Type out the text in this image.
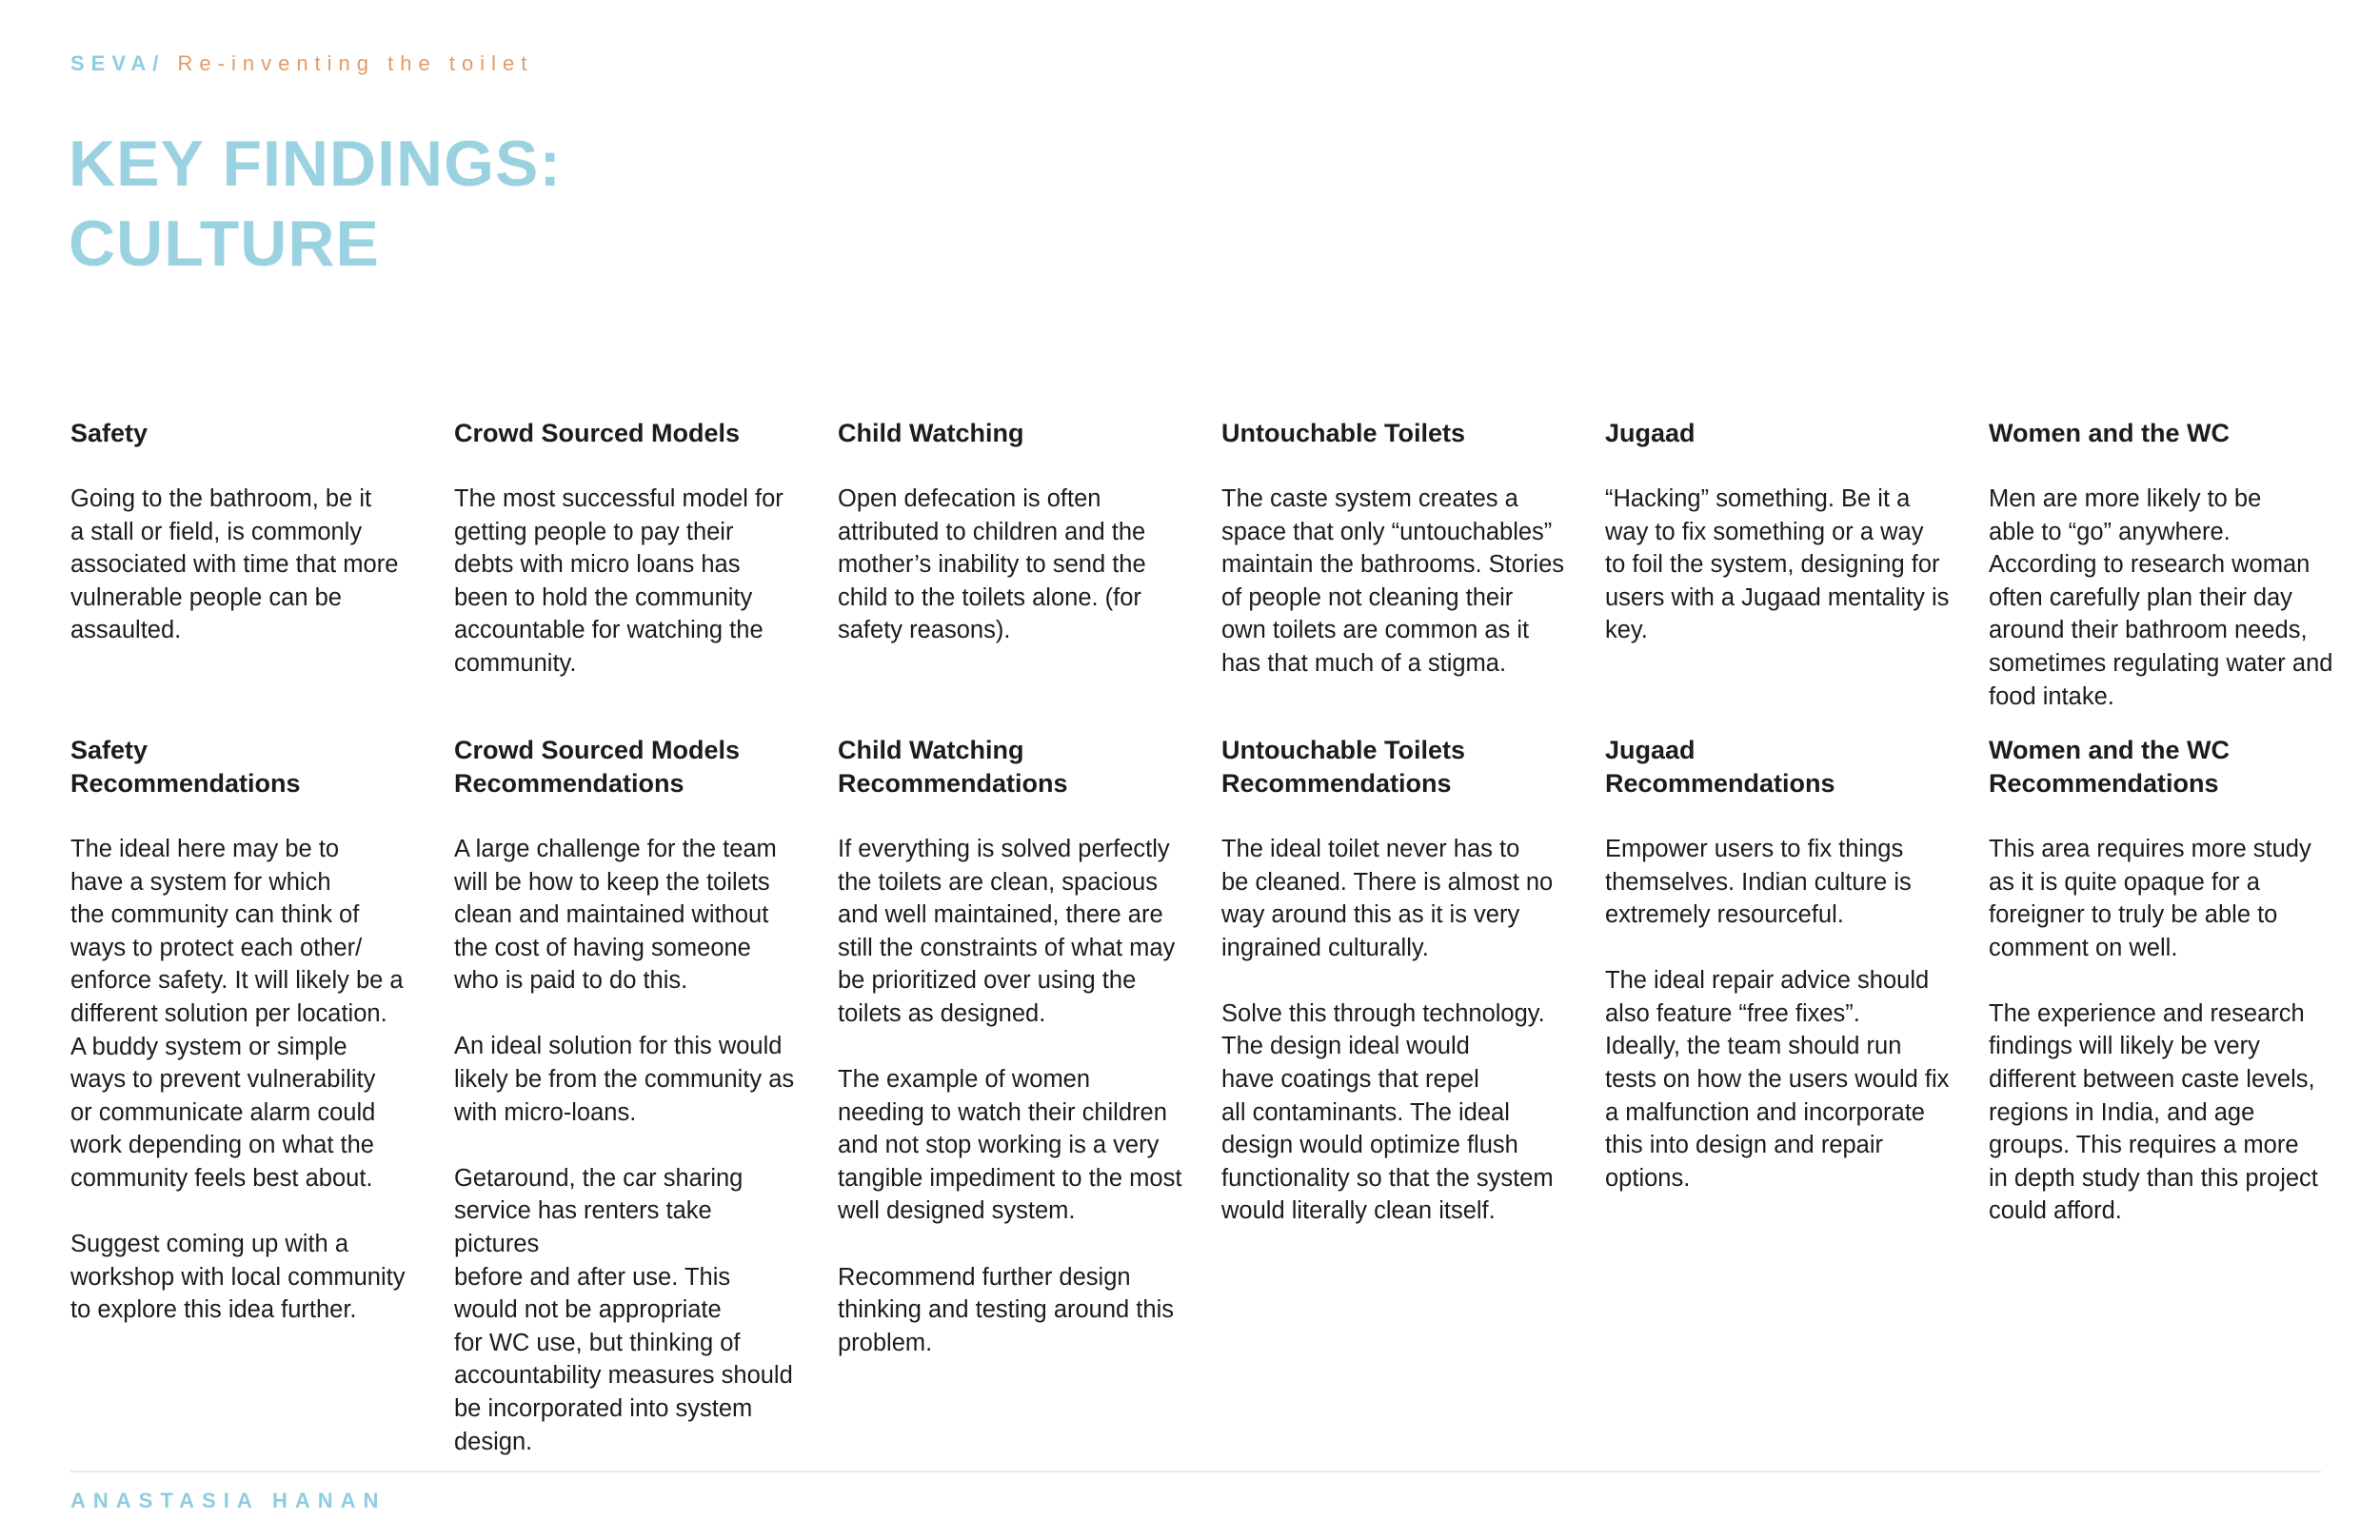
SEVA/ Re-inventing the toilet
KEY FINDINGS:
CULTURE
Safety

Going to the bathroom, be it
a stall or field, is commonly
associated with time that more
vulnerable people can be
assaulted.

Crowd Sourced Models

The most successful model for
getting people to pay their
debts with micro loans has
been to hold the community
accountable for watching the
community.

Child Watching

Open defecation is often
attributed to children and the
mother’s inability to send the
child to the toilets alone. (for
safety reasons).

Untouchable Toilets

The caste system creates a
space that only “untouchables”
maintain the bathrooms. Stories
of people not cleaning their
own toilets are common as it
has that much of a stigma.

Jugaad

“Hacking” something. Be it a
way to fix something or a way
to foil the system, designing for
users with a Jugaad mentality is
key.

Women and the WC

Men are more likely to be
able to “go” anywhere.
According to research woman
often carefully plan their day
around their bathroom needs,
sometimes regulating water and
food intake.

Safety
Recommendations

The ideal here may be to
have a system for which
the community can think of
ways to protect each other/
enforce safety. It will likely be a
different solution per location.
A buddy system or simple
ways to prevent vulnerability
or communicate alarm could
work depending on what the
community feels best about.

Suggest coming up with a
workshop with local community
to explore this idea further.

Crowd Sourced Models
Recommendations

A large challenge for the team
will be how to keep the toilets
clean and maintained without
the cost of having someone
who is paid to do this.

An ideal solution for this would
likely be from the community as
with micro-loans.

Getaround, the car sharing
service has renters take pictures
before and after use. This
would not be appropriate
for WC use, but thinking of
accountability measures should
be incorporated into system
design.

Child Watching
Recommendations

If everything is solved perfectly
the toilets are clean, spacious
and well maintained, there are
still the constraints of what may
be prioritized over using the
toilets as designed.

The example of women
needing to watch their children
and not stop working is a very
tangible impediment to the most
well designed system.

Recommend further design
thinking and testing around this
problem.

Untouchable Toilets
Recommendations

The ideal toilet never has to
be cleaned. There is almost no
way around this as it is very
ingrained culturally.

Solve this through technology.
The design ideal would
have coatings that repel
all contaminants. The ideal
design would optimize flush
functionality so that the system
would literally clean itself.

Jugaad
Recommendations

Empower users to fix things
themselves. Indian culture is
extremely resourceful.

The ideal repair advice should
also feature “free fixes”.
Ideally, the team should run
tests on how the users would fix
a malfunction and incorporate
this into design and repair
options.

Women and the WC
Recommendations

This area requires more study
as it is quite opaque for a
foreigner to truly be able to
comment on well.

The experience and research
findings will likely be very
different between caste levels,
regions in India, and age
groups. This requires a more
in depth study than this project
could afford.

ANASTASIA HANAN
